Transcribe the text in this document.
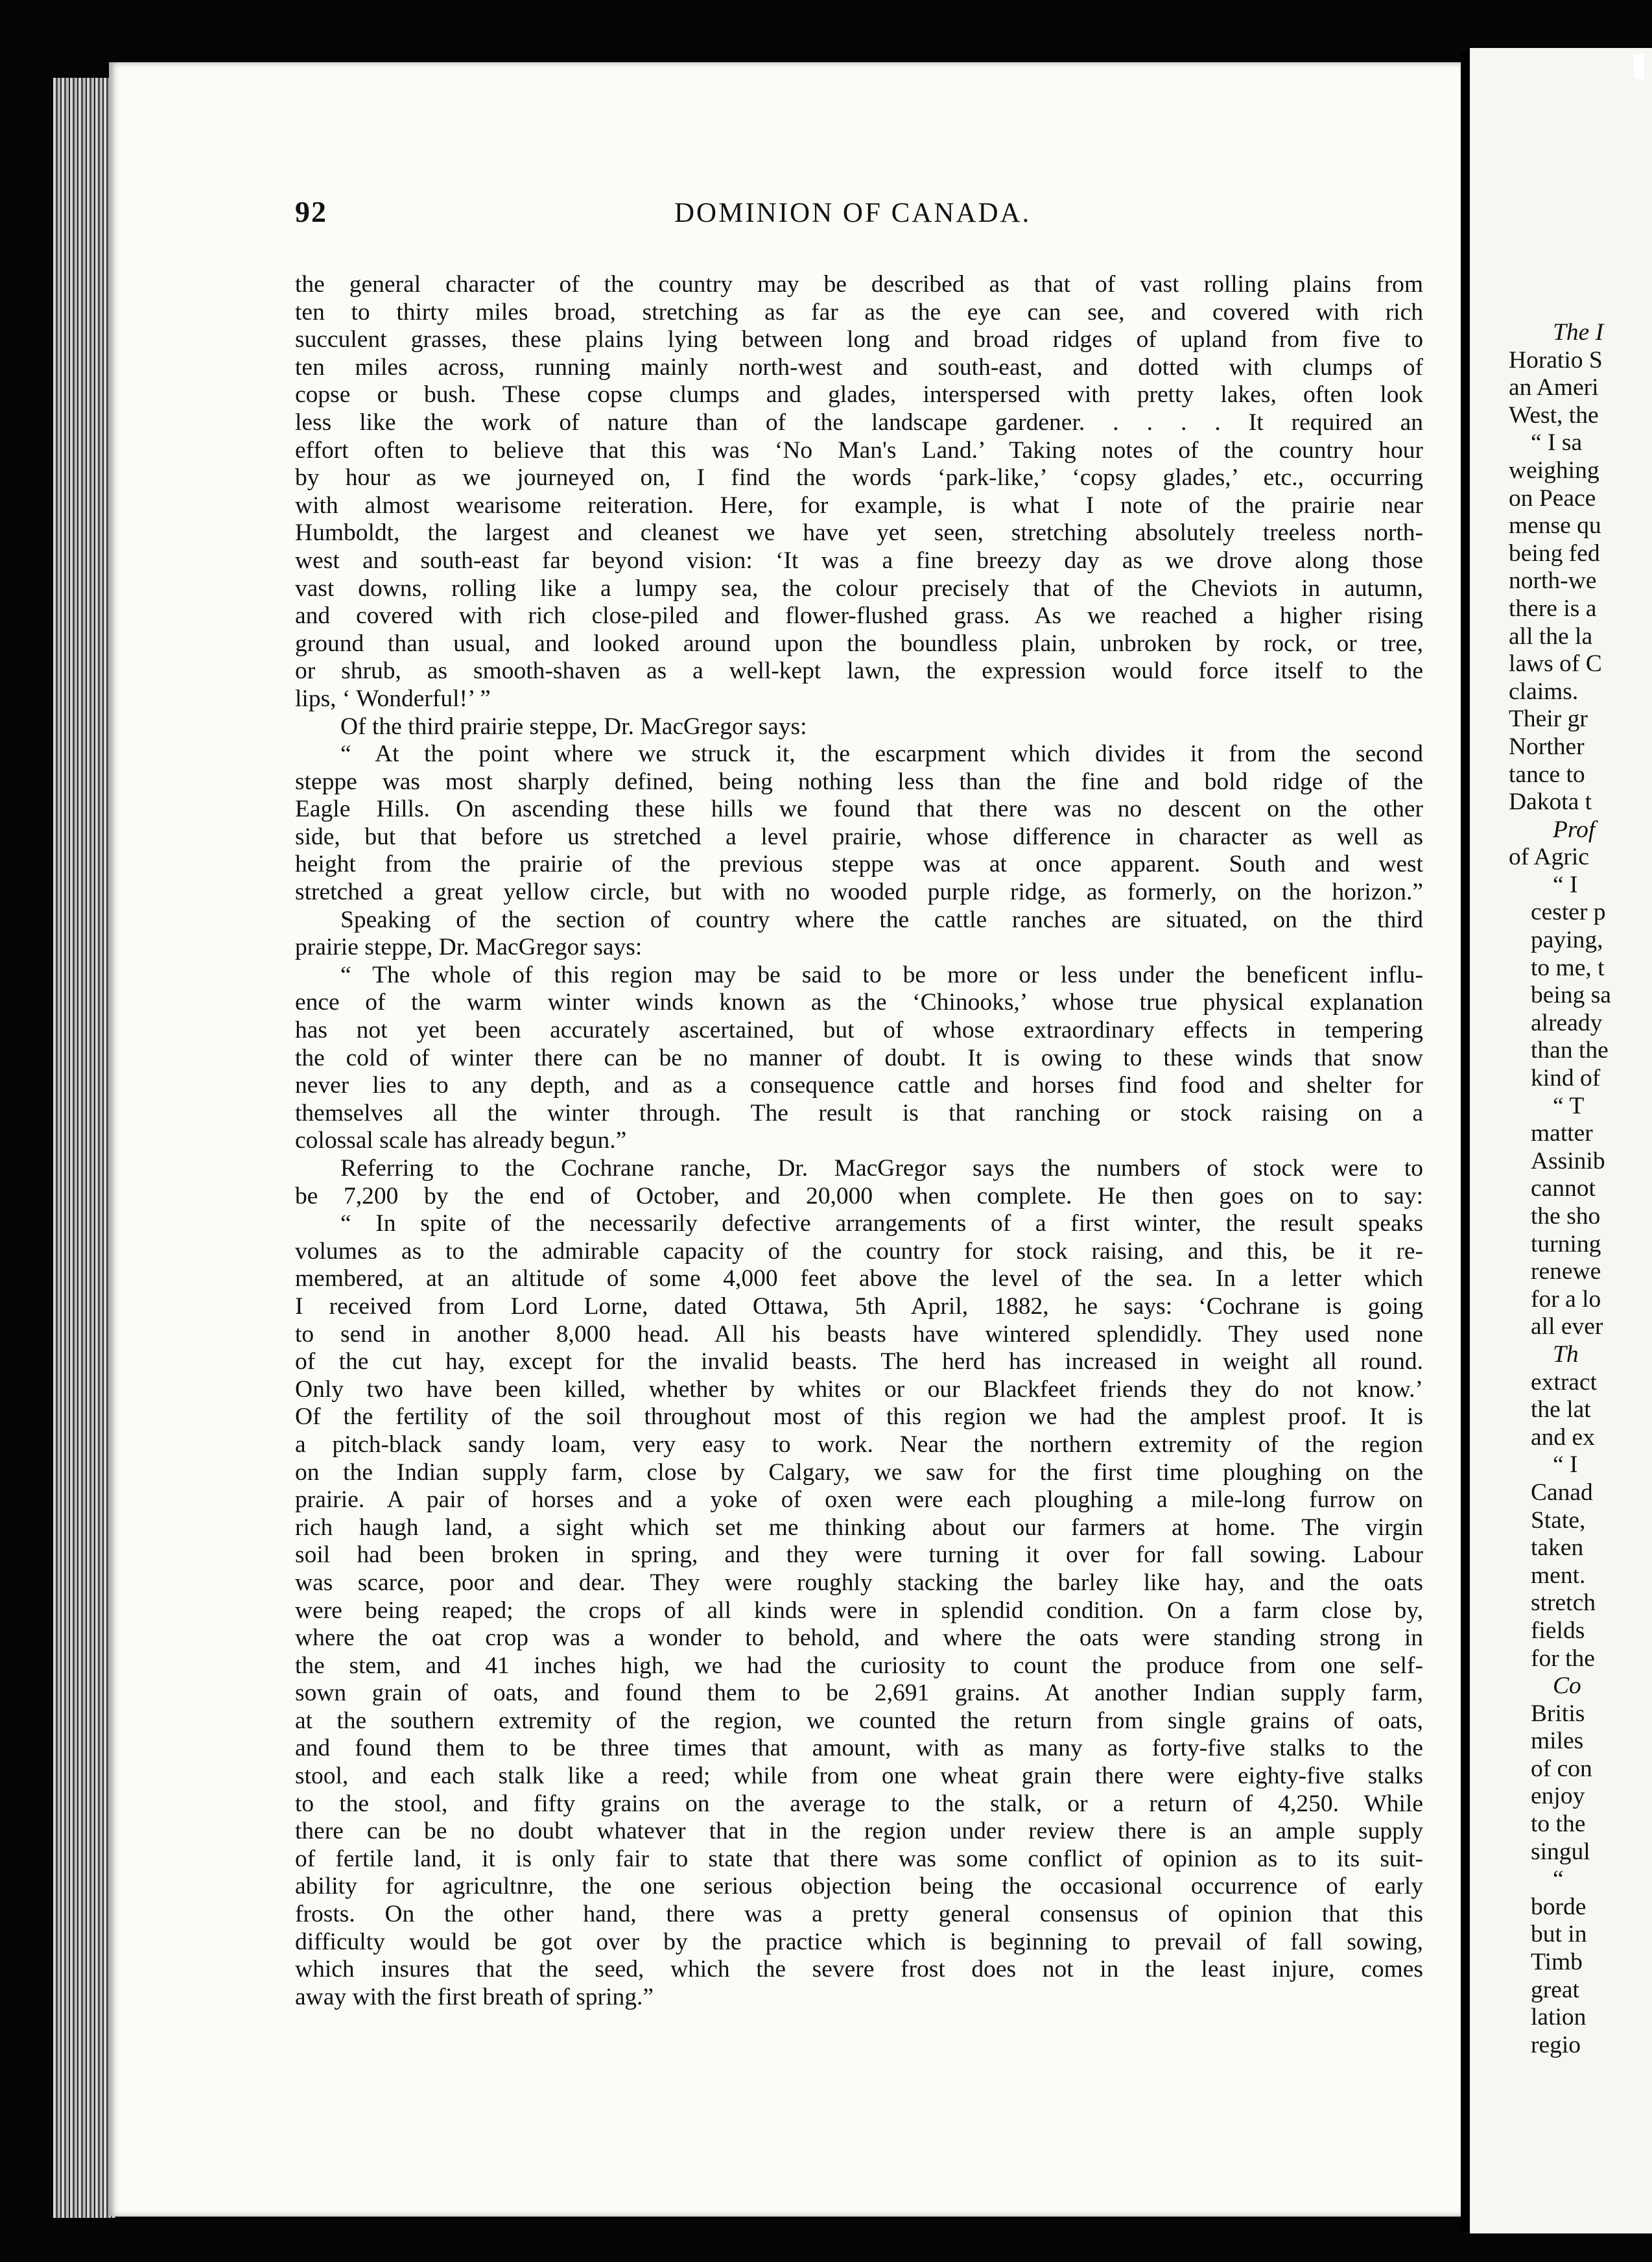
The I
Horatio S
an Ameri
West, the
“ I sa
weighing
on Peace
mense qu
being fed
north-we
there is a
all the la
laws of C
claims.
Their gr
Norther
tance to
Dakota t
Prof
of Agric
“ I
cester p
paying,
to me, t
being sa
already
than the
kind of
“ T
matter
Assinib
cannot
the sho
turning
renewe
for a lo
all ever
Th
extract
the lat
and ex
“ I
Canad
State,
taken
ment.
stretch
fields
for the
Co
Britis
miles
of con
enjoy
to the
singul
“
borde
but in
Timb
great
lation
regio
92	DOMINION OF CANADA.
the general character of the country may be described as that of vast rolling plains from
ten to thirty miles broad, stretching as far as the eye can see, and covered with rich
succulent grasses, these plains lying between long and broad ridges of upland from five to
ten miles across, running mainly north-west and south-east, and dotted with clumps of
copse or bush. These copse clumps and glades, interspersed with pretty lakes, often look
less like the work of nature than of the landscape gardener. . . . . It required an
effort often to believe that this was ‘No Man's Land.’ Taking notes of the country hour
by hour as we journeyed on, I find the words ‘park-like,’ ‘copsy glades,’ etc., occurring
with almost wearisome reiteration. Here, for example, is what I note of the prairie near
Humboldt, the largest and cleanest we have yet seen, stretching absolutely treeless north-
west and south-east far beyond vision: ‘It was a fine breezy day as we drove along those
vast downs, rolling like a lumpy sea, the colour precisely that of the Cheviots in autumn,
and covered with rich close-piled and flower-flushed grass. As we reached a higher rising
ground than usual, and looked around upon the boundless plain, unbroken by rock, or tree,
or shrub, as smooth-shaven as a well-kept lawn, the expression would force itself to the
lips, ‘ Wonderful!’ ”
Of the third prairie steppe, Dr. MacGregor says:
“ At the point where we struck it, the escarpment which divides it from the second
steppe was most sharply defined, being nothing less than the fine and bold ridge of the
Eagle Hills. On ascending these hills we found that there was no descent on the other
side, but that before us stretched a level prairie, whose difference in character as well as
height from the prairie of the previous steppe was at once apparent. South and west
stretched a great yellow circle, but with no wooded purple ridge, as formerly, on the horizon.”
Speaking of the section of country where the cattle ranches are situated, on the third
prairie steppe, Dr. MacGregor says:
“ The whole of this region may be said to be more or less under the beneficent influ-
ence of the warm winter winds known as the ‘Chinooks,’ whose true physical explanation
has not yet been accurately ascertained, but of whose extraordinary effects in tempering
the cold of winter there can be no manner of doubt. It is owing to these winds that snow
never lies to any depth, and as a consequence cattle and horses find food and shelter for
themselves all the winter through. The result is that ranching or stock raising on a
colossal scale has already begun.”
Referring to the Cochrane ranche, Dr. MacGregor says the numbers of stock were to
be 7,200 by the end of October, and 20,000 when complete. He then goes on to say:
“ In spite of the necessarily defective arrangements of a first winter, the result speaks
volumes as to the admirable capacity of the country for stock raising, and this, be it re-
membered, at an altitude of some 4,000 feet above the level of the sea. In a letter which
I received from Lord Lorne, dated Ottawa, 5th April, 1882, he says: ‘Cochrane is going
to send in another 8,000 head. All his beasts have wintered splendidly. They used none
of the cut hay, except for the invalid beasts. The herd has increased in weight all round.
Only two have been killed, whether by whites or our Blackfeet friends they do not know.’
Of the fertility of the soil throughout most of this region we had the amplest proof. It is
a pitch-black sandy loam, very easy to work. Near the northern extremity of the region
on the Indian supply farm, close by Calgary, we saw for the first time ploughing on the
prairie. A pair of horses and a yoke of oxen were each ploughing a mile-long furrow on
rich haugh land, a sight which set me thinking about our farmers at home. The virgin
soil had been broken in spring, and they were turning it over for fall sowing. Labour
was scarce, poor and dear. They were roughly stacking the barley like hay, and the oats
were being reaped; the crops of all kinds were in splendid condition. On a farm close by,
where the oat crop was a wonder to behold, and where the oats were standing strong in
the stem, and 41 inches high, we had the curiosity to count the produce from one self-
sown grain of oats, and found them to be 2,691 grains. At another Indian supply farm,
at the southern extremity of the region, we counted the return from single grains of oats,
and found them to be three times that amount, with as many as forty-five stalks to the
stool, and each stalk like a reed; while from one wheat grain there were eighty-five stalks
to the stool, and fifty grains on the average to the stalk, or a return of 4,250. While
there can be no doubt whatever that in the region under review there is an ample supply
of fertile land, it is only fair to state that there was some conflict of opinion as to its suit-
ability for agricultnre, the one serious objection being the occasional occurrence of early
frosts. On the other hand, there was a pretty general consensus of opinion that this
difficulty would be got over by the practice which is beginning to prevail of fall sowing,
which insures that the seed, which the severe frost does not in the least injure, comes
away with the first breath of spring.”
